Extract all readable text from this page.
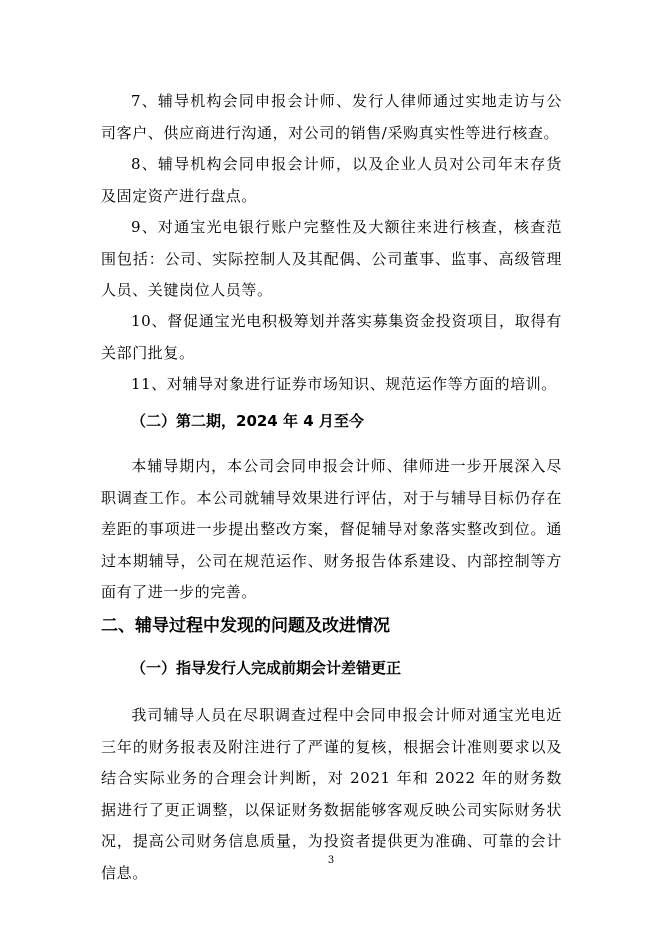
7、辅导机构会同申报会计师、发行人律师通过实地走访与公司客户、供应商进行沟通，对公司的销售/采购真实性等进行核查。

8、辅导机构会同申报会计师，以及企业人员对公司年末存货及固定资产进行盘点。

9、对通宝光电银行账户完整性及大额往来进行核查，核查范围包括：公司、实际控制人及其配偶、公司董事、监事、高级管理人员、关键岗位人员等。

10、督促通宝光电积极筹划并落实募集资金投资项目，取得有关部门批复。

11、对辅导对象进行证券市场知识、规范运作等方面的培训。

（二）第二期，2024 年 4 月至今

本辅导期内，本公司会同申报会计师、律师进一步开展深入尽职调查工作。本公司就辅导效果进行评估，对于与辅导目标仍存在差距的事项进一步提出整改方案，督促辅导对象落实整改到位。通过本期辅导，公司在规范运作、财务报告体系建设、内部控制等方面有了进一步的完善。

二、辅导过程中发现的问题及改进情况
（一）指导发行人完成前期会计差错更正

我司辅导人员在尽职调查过程中会同申报会计师对通宝光电近三年的财务报表及附注进行了严谨的复核，根据会计准则要求以及结合实际业务的合理会计判断，对 2021 年和 2022 年的财务数据进行了更正调整，以保证财务数据能够客观反映公司实际财务状况，提高公司财务信息质量，为投资者提供更为准确、可靠的会计信息。

3
